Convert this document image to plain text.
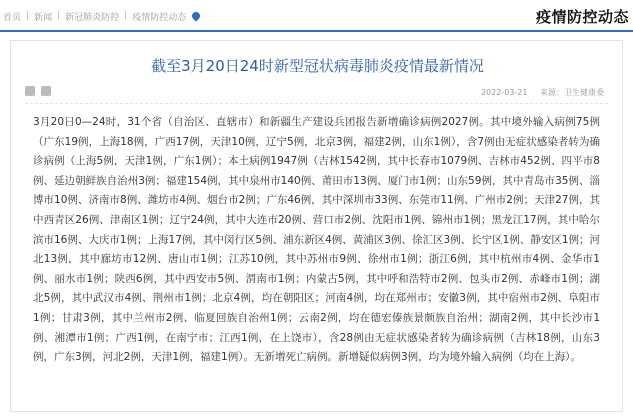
首页 | 新闻 | 新冠肺炎防控 | 疫情防控动态	疫情防控动态
截至3月20日24时新型冠状病毒肺炎疫情最新情况
2022-03-21 来源：卫生健康委

3月20日0—24时，31个省（自治区、直辖市）和新疆生产建设兵团报告新增确诊病例2027例。其中境外输入病例75例（广东19例，上海18例，广西17例，天津10例，辽宁5例，北京3例，福建2例，山东1例），含7例由无症状感染者转为确诊病例（上海5例，天津1例，广东1例）；本土病例1947例（吉林1542例，其中长春市1079例、吉林市452例、四平市8例、延边朝鲜族自治州3例；福建154例，其中泉州市140例、莆田市13例、厦门市1例；山东59例，其中青岛市35例、淄博市10例、济南市8例、潍坊市4例、烟台市2例；广东46例，其中深圳市33例、东莞市11例、广州市2例；天津27例，其中西青区26例、津南区1例；辽宁24例，其中大连市20例、营口市2例、沈阳市1例、锦州市1例；黑龙江17例，其中哈尔滨市16例、大庆市1例；上海17例，其中闵行区5例、浦东新区4例、黄浦区3例、徐汇区3例、长宁区1例、静安区1例；河北13例，其中廊坊市12例、唐山市1例；江苏10例，其中苏州市9例、徐州市1例；浙江6例，其中杭州市4例、金华市1例、丽水市1例；陕西6例，其中西安市5例、渭南市1例；内蒙古5例，其中呼和浩特市2例、包头市2例、赤峰市1例；湖北5例，其中武汉市4例、荆州市1例；北京4例，均在朝阳区；河南4例，均在郑州市；安徽3例，其中宿州市2例、阜阳市1例；甘肃3例，其中兰州市2例、临夏回族自治州1例；云南2例，均在德宏傣族景颇族自治州；湖南2例，其中长沙市1例、湘潭市1例；广西1例，在南宁市；江西1例，在上饶市），含28例由无症状感染者转为确诊病例（吉林18例，山东3例，广东3例，河北2例，天津1例，福建1例）。无新增死亡病例。新增疑似病例3例，均为境外输入病例（均在上海）。
